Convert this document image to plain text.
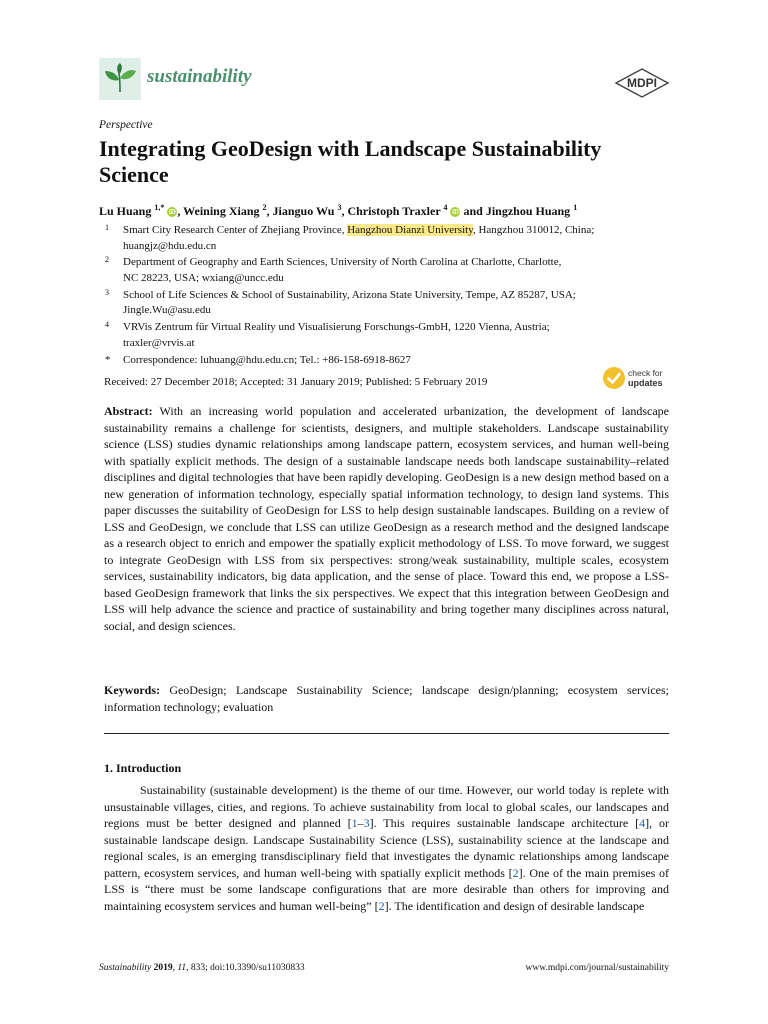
sustainability	MDPI
Perspective
Integrating GeoDesign with Landscape Sustainability Science
Lu Huang $^{1,*}$ iD , Weining Xiang $^2$, Jianguo Wu $^3$, Christoph Traxler $^4$ iD and Jingzhou Huang $^1$
1 Smart City Research Center of Zhejiang Province, Hangzhou Dianzi University, Hangzhou 310012, China;
huangjz@hdu.edu.cn
2 Department of Geography and Earth Sciences, University of North Carolina at Charlotte, Charlotte,
NC 28223, USA; wxiang@uncc.edu
3 School of Life Sciences & School of Sustainability, Arizona State University, Tempe, AZ 85287, USA;
Jingle.Wu@asu.edu
4 VRVis Zentrum für Virtual Reality und Visualisierung Forschungs-GmbH, 1220 Vienna, Austria;
traxler@vrvis.at
* Correspondence: luhuang@hdu.edu.cn; Tel.: +86-158-6918-8627
Received: 27 December 2018; Accepted: 31 January 2019; Published: 5 February 2019
check for
updates

Abstract: With an increasing world population and accelerated urbanization, the development of landscape sustainability remains a challenge for scientists, designers, and multiple stakeholders. Landscape sustainability science (LSS) studies dynamic relationships among landscape pattern, ecosystem services, and human well-being with spatially explicit methods. The design of a sustainable landscape needs both landscape sustainability–related disciplines and digital technologies that have been rapidly developing. GeoDesign is a new design method based on a new generation of information technology, especially spatial information technology, to design land systems. This paper discusses the suitability of GeoDesign for LSS to help design sustainable landscapes. Building on a review of LSS and GeoDesign, we conclude that LSS can utilize GeoDesign as a research method and the designed landscape as a research object to enrich and empower the spatially explicit methodology of LSS. To move forward, we suggest to integrate GeoDesign with LSS from six perspectives: strong/weak sustainability, multiple scales, ecosystem services, sustainability indicators, big data application, and the sense of place. Toward this end, we propose a LSS-based GeoDesign framework that links the six perspectives. We expect that this integration between GeoDesign and LSS will help advance the science and practice of sustainability and bring together many disciplines across natural, social, and design sciences.

Keywords: GeoDesign; Landscape Sustainability Science; landscape design/planning; ecosystem services; information technology; evaluation

1. Introduction

Sustainability (sustainable development) is the theme of our time. However, our world today is replete with unsustainable villages, cities, and regions. To achieve sustainability from local to global scales, our landscapes and regions must be better designed and planned [1–3]. This requires sustainable landscape architecture [4], or sustainable landscape design. Landscape Sustainability Science (LSS), sustainability science at the landscape and regional scales, is an emerging transdisciplinary field that investigates the dynamic relationships among landscape pattern, ecosystem services, and human well-being with spatially explicit methods [2]. One of the main premises of LSS is “there must be some landscape configurations that are more desirable than others for improving and maintaining ecosystem services and human well-being” [2]. The identification and design of desirable landscape

Sustainability 2019, 11, 833; doi:10.3390/su11030833	www.mdpi.com/journal/sustainability
